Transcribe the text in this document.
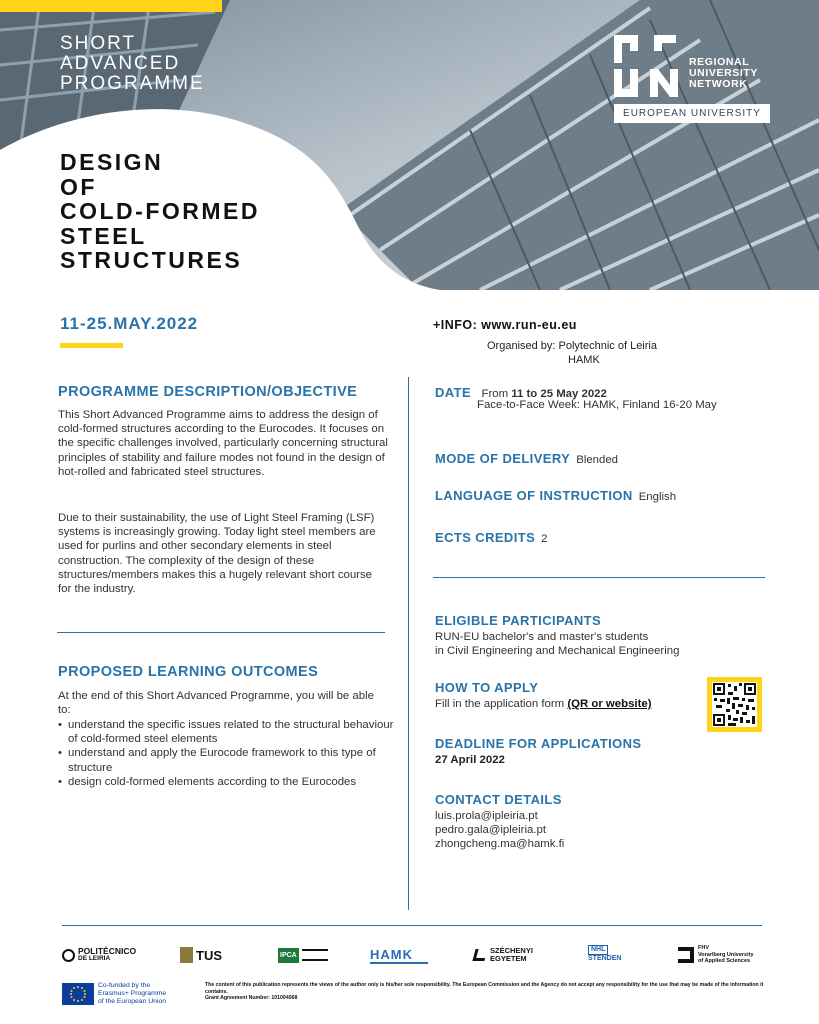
SHORT
ADVANCED
PROGRAMME
REGIONAL
UNIVERSITY
NETWORK
EUROPEAN UNIVERSITY
DESIGN
OF
COLD-FORMED
STEEL
STRUCTURES
11-25.MAY.2022	+INFO: www.run-eu.eu
Organised by: Polytechnic of Leiria
HAMK
PROGRAMME DESCRIPTION/OBJECTIVE

This Short Advanced Programme aims to address the design of cold-formed structures according to the Eurocodes. It focuses on the specific challenges involved, particularly concerning structural principles of stability and failure modes not found in the design of hot-rolled and fabricated steel structures.

Due to their sustainability, the use of Light Steel Framing (LSF) systems is increasingly growing. Today light steel members are used for purlins and other secondary elements in steel construction. The complexity of the design of these structures/members makes this a hugely relevant short course for the industry.

PROPOSED LEARNING OUTCOMES

At the end of this Short Advanced Programme, you will be able to:

• understand the specific issues related to the structural behaviour of cold-formed steel elements
• understand and apply the Eurocode framework to this type of structure
• design cold-formed elements according to the Eurocodes
DATE From 11 to 25 May 2022
Face-to-Face Week: HAMK, Finland 16-20 May
MODE OF DELIVERY Blended
LANGUAGE OF INSTRUCTION English
ECTS CREDITS 2
ELIGIBLE PARTICIPANTS
RUN-EU bachelor's and master's students
in Civil Engineering and Mechanical Engineering
HOW TO APPLY
Fill in the application form (QR or website)
DEADLINE FOR APPLICATIONS
27 April 2022
CONTACT DETAILS
luis.prola@ipleiria.pt
pedro.gala@ipleiria.pt
zhongcheng.ma@hamk.fi
POLITÉCNICO
DE LEIRIA	TUS	IPCA	HAMK	SZÉCHENYI
EGYETEM
NHL
STENDEN
FHV
Vorarlberg University
of Applied Sciences
Co-funded by the
Erasmus+ Programme
of the European Union
The content of this publication represents the views of the author only is his/her sole responsibility. The European Commission and the Agency do not accept any responsibility for the use that may be made of the information it contains.
Grant Agreement Number: 101004068
